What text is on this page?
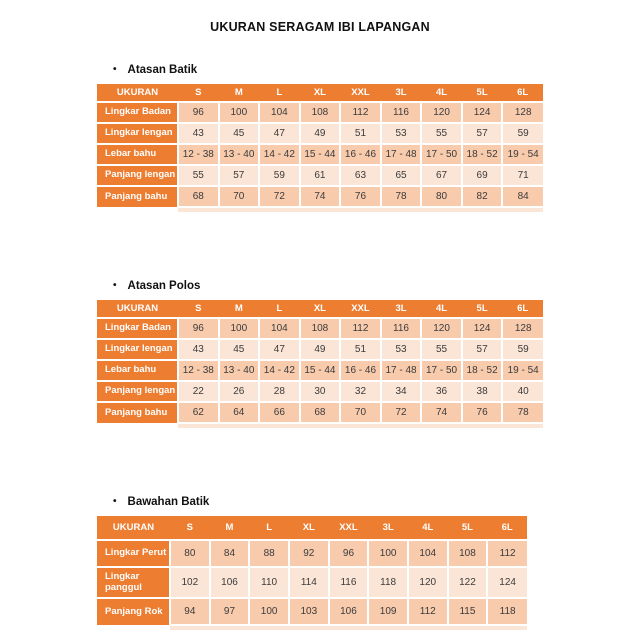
UKURAN SERAGAM IBI LAPANGAN
• Atasan Batik
UKURAN	S	M	L	XL	XXL	3L	4L	5L	6L
Lingkar Badan	96	100	104	108	112	116	120	124	128
Lingkar lengan	43	45	47	49	51	53	55	57	59
Lebar bahu	12 - 38	13 - 40	14 - 42	15 - 44	16 - 46	17 - 48	17 - 50	18 - 52	19 - 54
Panjang lengan	55	57	59	61	63	65	67	69	71
Panjang bahu	68	70	72	74	76	78	80	82	84

• Atasan Polos
UKURAN	S	M	L	XL	XXL	3L	4L	5L	6L
Lingkar Badan	96	100	104	108	112	116	120	124	128
Lingkar lengan	43	45	47	49	51	53	55	57	59
Lebar bahu	12 - 38	13 - 40	14 - 42	15 - 44	16 - 46	17 - 48	17 - 50	18 - 52	19 - 54
Panjang lengan	22	26	28	30	32	34	36	38	40
Panjang bahu	62	64	66	68	70	72	74	76	78

• Bawahan Batik
UKURAN	S	M	L	XL	XXL	3L	4L	5L	6L
Lingkar Perut	80	84	88	92	96	100	104	108	112
Lingkar panggul	102	106	110	114	116	118	120	122	124
Panjang Rok	94	97	100	103	106	109	112	115	118
